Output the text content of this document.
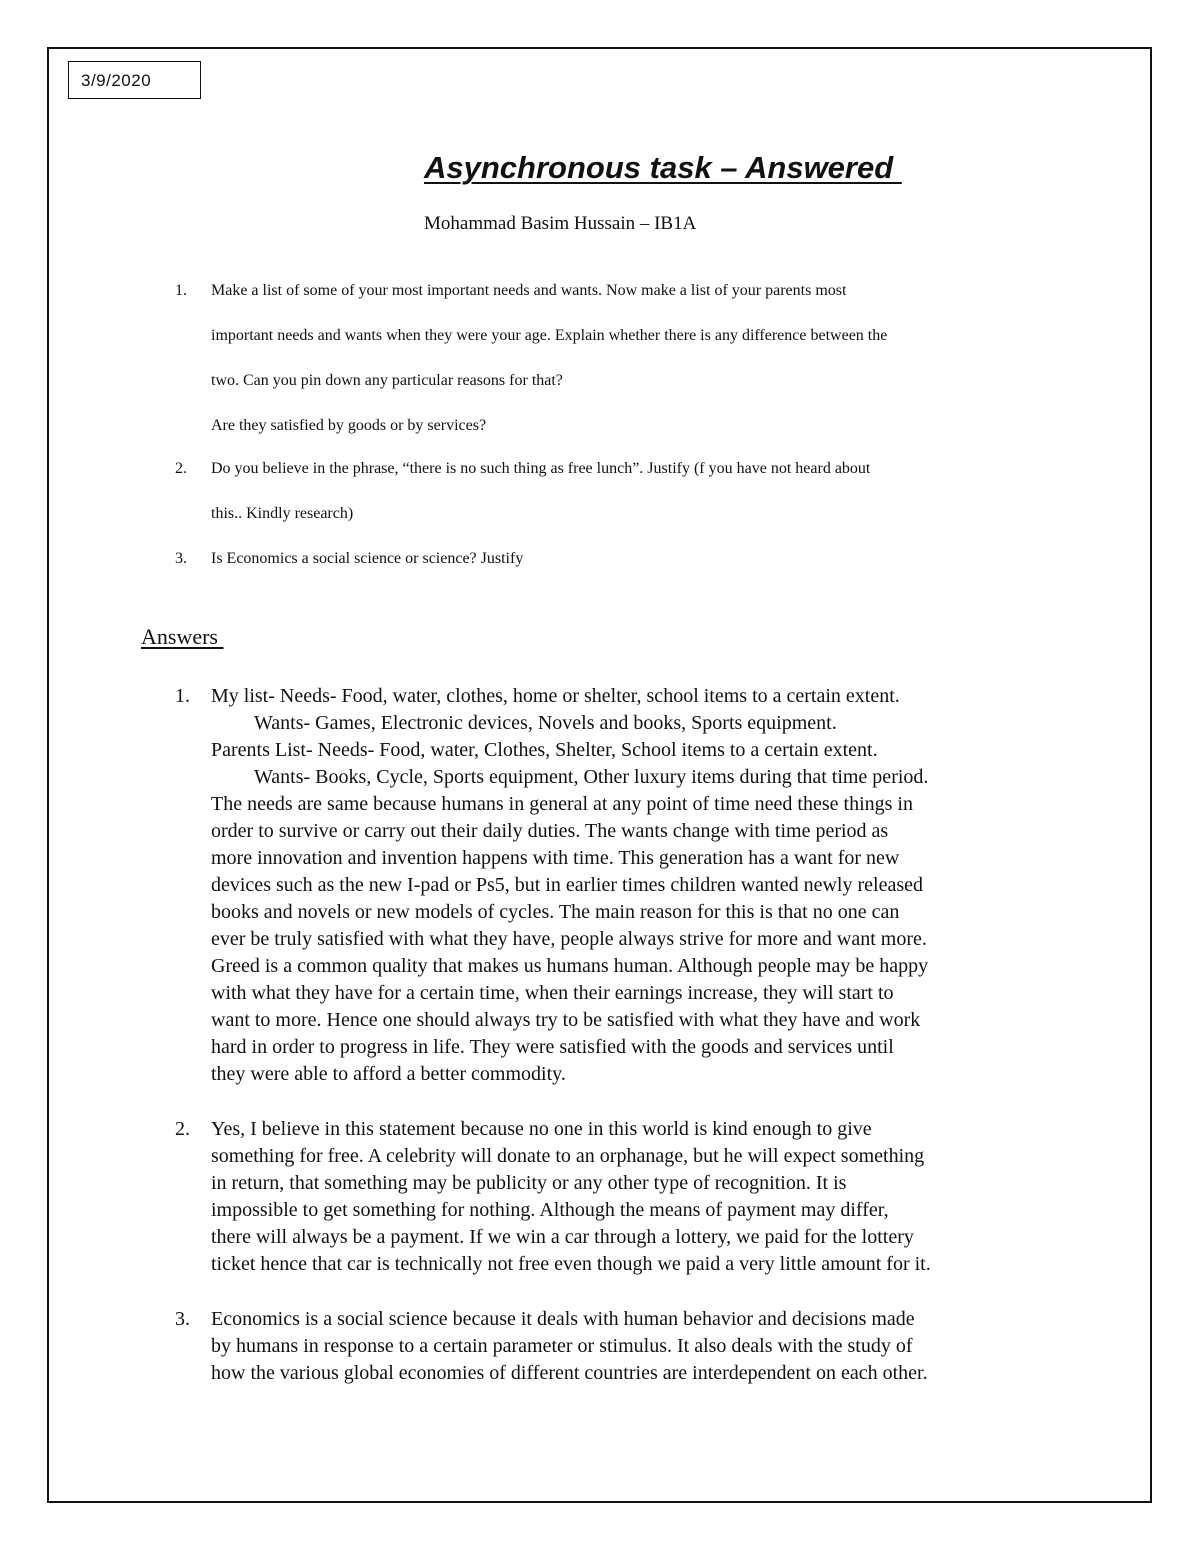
3/9/2020
Asynchronous task – Answered
Mohammad Basim Hussain – IB1A
1. Make a list of some of your most important needs and wants. Now make a list of your parents most
important needs and wants when they were your age. Explain whether there is any difference between the
two. Can you pin down any particular reasons for that?
Are they satisfied by goods or by services?
2. Do you believe in the phrase, “there is no such thing as free lunch”. Justify (f you have not heard about
this.. Kindly research)
3. Is Economics a social science or science? Justify
Answers
1. My list- Needs- Food, water, clothes, home or shelter, school items to a certain extent.
Wants- Games, Electronic devices, Novels and books, Sports equipment.
Parents List- Needs- Food, water, Clothes, Shelter, School items to a certain extent.
Wants- Books, Cycle, Sports equipment, Other luxury items during that time period.
The needs are same because humans in general at any point of time need these things in
order to survive or carry out their daily duties. The wants change with time period as
more innovation and invention happens with time. This generation has a want for new
devices such as the new I-pad or Ps5, but in earlier times children wanted newly released
books and novels or new models of cycles. The main reason for this is that no one can
ever be truly satisfied with what they have, people always strive for more and want more.
Greed is a common quality that makes us humans human. Although people may be happy
with what they have for a certain time, when their earnings increase, they will start to
want to more. Hence one should always try to be satisfied with what they have and work
hard in order to progress in life. They were satisfied with the goods and services until
they were able to afford a better commodity.
2. Yes, I believe in this statement because no one in this world is kind enough to give
something for free. A celebrity will donate to an orphanage, but he will expect something
in return, that something may be publicity or any other type of recognition. It is
impossible to get something for nothing. Although the means of payment may differ,
there will always be a payment. If we win a car through a lottery, we paid for the lottery
ticket hence that car is technically not free even though we paid a very little amount for it.
3. Economics is a social science because it deals with human behavior and decisions made
by humans in response to a certain parameter or stimulus. It also deals with the study of
how the various global economies of different countries are interdependent on each other.
